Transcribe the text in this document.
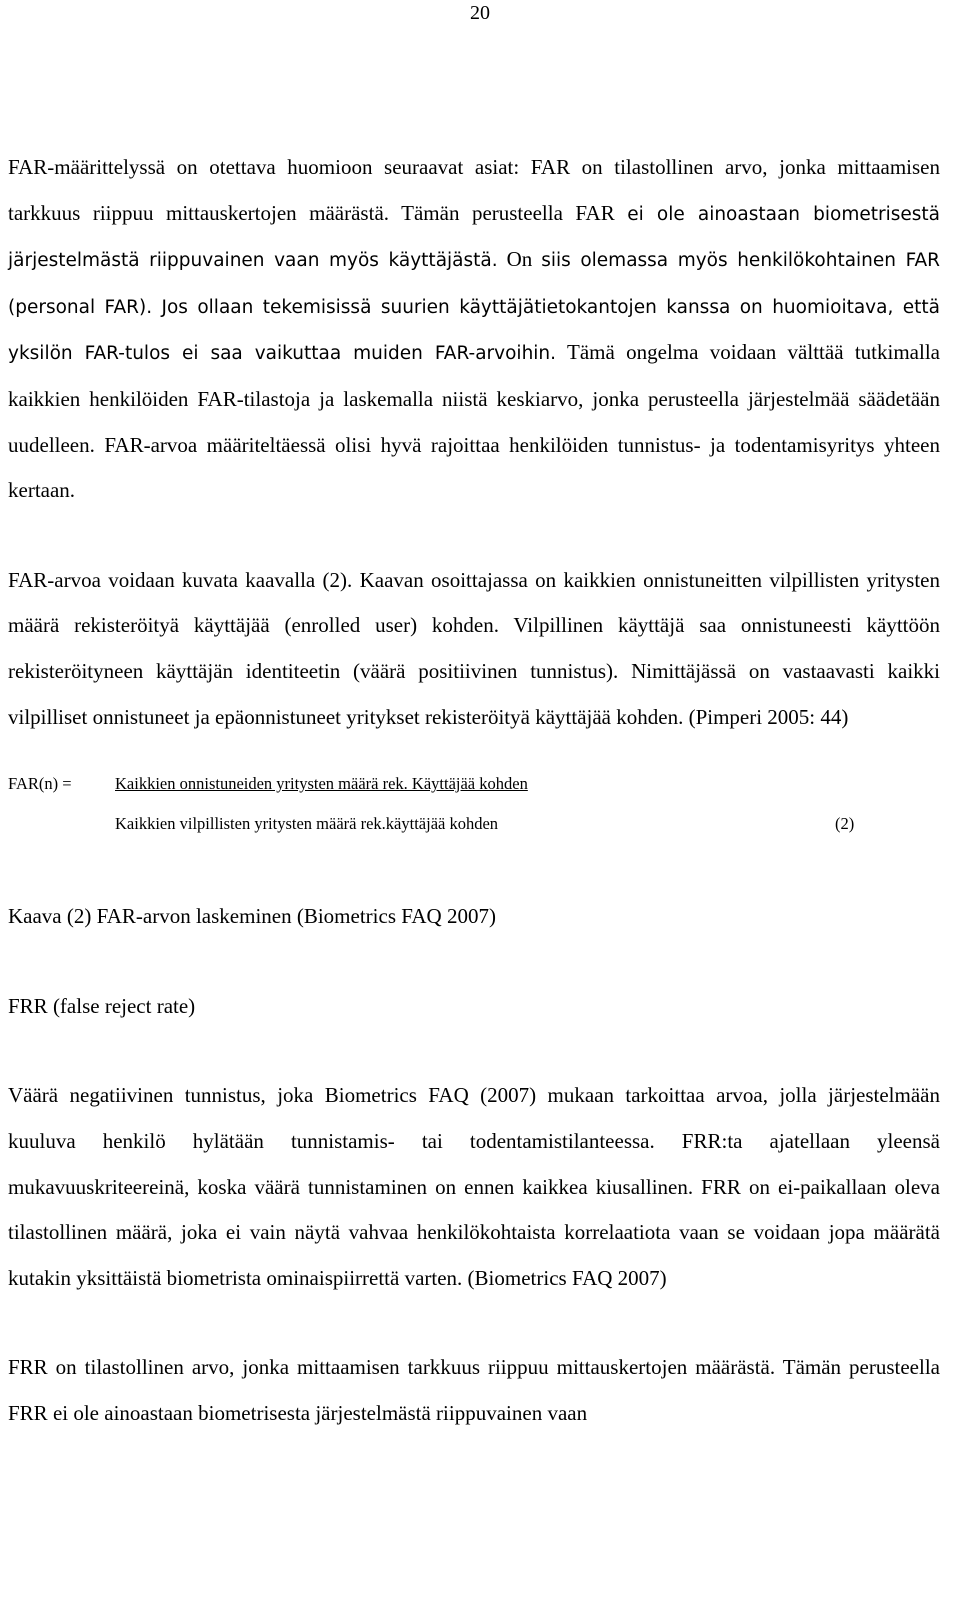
20

FAR-määrittelyssä on otettava huomioon seuraavat asiat: FAR on tilastollinen arvo, jonka mittaamisen tarkkuus riippuu mittauskertojen määrästä. Tämän perusteella FAR ei ole ainoastaan biometrisestä järjestelmästä riippuvainen vaan myös käyttäjästä. On siis olemassa myös henkilökohtainen FAR (personal FAR). Jos ollaan tekemisissä suurien käyttäjätietokantojen kanssa on huomioitava, että yksilön FAR-tulos ei saa vaikuttaa muiden FAR-arvoihin. Tämä ongelma voidaan välttää tutkimalla kaikkien henkilöiden FAR-tilastoja ja laskemalla niistä keskiarvo, jonka perusteella järjestelmää säädetään uudelleen. FAR-arvoa määriteltäessä olisi hyvä rajoittaa henkilöiden tunnistus- ja todentamisyritys yhteen kertaan.

FAR-arvoa voidaan kuvata kaavalla (2). Kaavan osoittajassa on kaikkien onnistuneitten vilpillisten yritysten määrä rekisteröityä käyttäjää (enrolled user) kohden. Vilpillinen käyttäjä saa onnistuneesti käyttöön rekisteröityneen käyttäjän identiteetin (väärä positiivinen tunnistus). Nimittäjässä on vastaavasti kaikki vilpilliset onnistuneet ja epäonnistuneet yritykset rekisteröityä käyttäjää kohden. (Pimperi 2005: 44)

FAR(n) =	Kaikkien onnistuneiden yritysten määrä rek. Käyttäjää kohden
Kaikkien vilpillisten yritysten määrä rek.käyttäjää kohden	(2)

Kaava (2) FAR-arvon laskeminen (Biometrics FAQ 2007)

FRR (false reject rate)

Väärä negatiivinen tunnistus, joka Biometrics FAQ (2007) mukaan tarkoittaa arvoa, jolla järjestelmään kuuluva henkilö hylätään tunnistamis- tai todentamistilanteessa. FRR:ta ajatellaan yleensä mukavuuskriteereinä, koska väärä tunnistaminen on ennen kaikkea kiusallinen. FRR on ei-paikallaan oleva tilastollinen määrä, joka ei vain näytä vahvaa henkilökohtaista korrelaatiota vaan se voidaan jopa määrätä kutakin yksittäistä biometrista ominaispiirrettä varten. (Biometrics FAQ 2007)

FRR on tilastollinen arvo, jonka mittaamisen tarkkuus riippuu mittauskertojen määrästä. Tämän perusteella FRR ei ole ainoastaan biometrisesta järjestelmästä riippuvainen vaan
